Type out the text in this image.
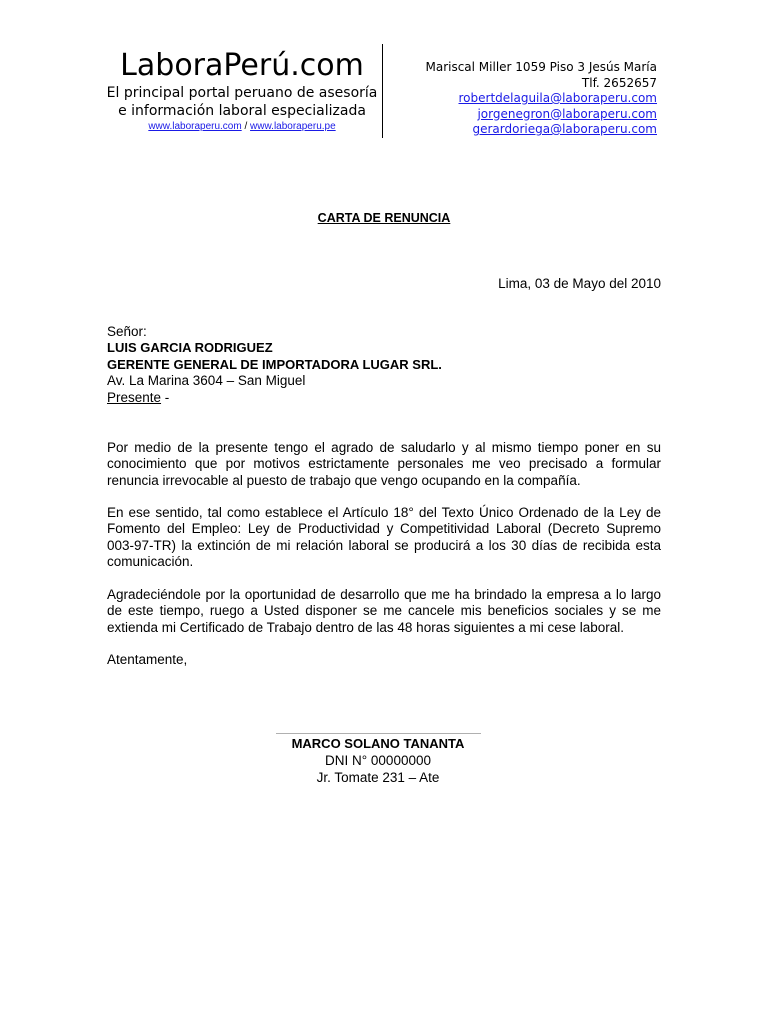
LaboraPerú.com
El principal portal peruano de asesoría
e información laboral especializada
www.laboraperu.com / www.laboraperu.pe
Mariscal Miller 1059 Piso 3 Jesús María
Tlf. 2652657
robertdelaguila@laboraperu.com
jorgenegron@laboraperu.com
gerardoriega@laboraperu.com
CARTA DE RENUNCIA
Lima, 03 de Mayo del 2010
Señor:
LUIS GARCIA RODRIGUEZ
GERENTE GENERAL DE IMPORTADORA LUGAR SRL.
Av. La Marina 3604 – San Miguel
Presente -
Por medio de la presente tengo el agrado de saludarlo y al mismo tiempo poner en su
conocimiento que por motivos estrictamente personales me veo precisado a formular
renuncia irrevocable al puesto de trabajo que vengo ocupando en la compañía.
En ese sentido, tal como establece el Artículo 18° del Texto Único Ordenado de la Ley de
Fomento del Empleo: Ley de Productividad y Competitividad Laboral (Decreto Supremo
003-97-TR) la extinción de mi relación laboral se producirá a los 30 días de recibida esta
comunicación.
Agradeciéndole por la oportunidad de desarrollo que me ha brindado la empresa a lo largo
de este tiempo, ruego a Usted disponer se me cancele mis beneficios sociales y se me
extienda mi Certificado de Trabajo dentro de las 48 horas siguientes a mi cese laboral.
Atentamente,
MARCO SOLANO TANANTA
DNI N° 00000000
Jr. Tomate 231 – Ate
